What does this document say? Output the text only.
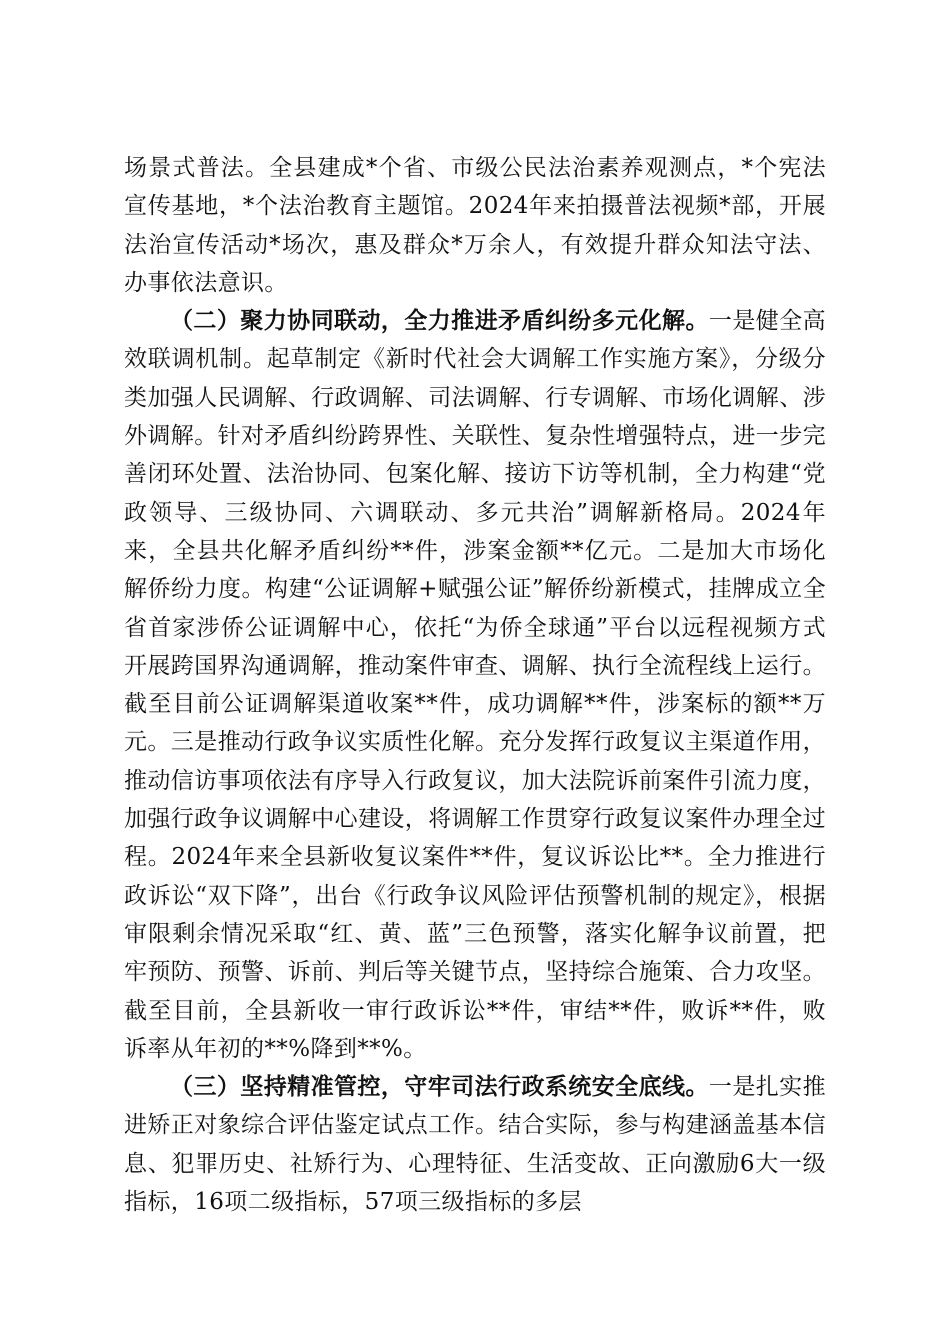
场景式普法。全县建成*个省、市级公民法治素养观测点，*个宪法宣传基地，*个法治教育主题馆。2024年来拍摄普法视频*部，开展法治宣传活动*场次，惠及群众*万余人，有效提升群众知法守法、办事依法意识。

（二）聚力协同联动，全力推进矛盾纠纷多元化解。一是健全高效联调机制。起草制定《新时代社会大调解工作实施方案》，分级分类加强人民调解、行政调解、司法调解、行专调解、市场化调解、涉外调解。针对矛盾纠纷跨界性、关联性、复杂性增强特点，进一步完善闭环处置、法治协同、包案化解、接访下访等机制，全力构建“党政领导、三级协同、六调联动、多元共治”调解新格局。2024年来，全县共化解矛盾纠纷**件，涉案金额**亿元。二是加大市场化解侨纷力度。构建“公证调解+赋强公证”解侨纷新模式，挂牌成立全省首家涉侨公证调解中心，依托“为侨全球通”平台以远程视频方式开展跨国界沟通调解，推动案件审查、调解、执行全流程线上运行。截至目前公证调解渠道收案**件，成功调解**件，涉案标的额**万元。三是推动行政争议实质性化解。充分发挥行政复议主渠道作用，推动信访事项依法有序导入行政复议，加大法院诉前案件引流力度，加强行政争议调解中心建设，将调解工作贯穿行政复议案件办理全过程。2024年来全县新收复议案件**件，复议诉讼比**。全力推进行政诉讼“双下降”，出台《行政争议风险评估预警机制的规定》，根据审限剩余情况采取“红、黄、蓝”三色预警，落实化解争议前置，把牢预防、预警、诉前、判后等关键节点，坚持综合施策、合力攻坚。截至目前，全县新收一审行政诉讼**件，审结**件，败诉**件，败诉率从年初的**%降到**%。

（三）坚持精准管控，守牢司法行政系统安全底线。一是扎实推进矫正对象综合评估鉴定试点工作。结合实际，参与构建涵盖基本信息、犯罪历史、社矫行为、心理特征、生活变故、正向激励6大一级指标，16项二级指标，57项三级指标的多层
